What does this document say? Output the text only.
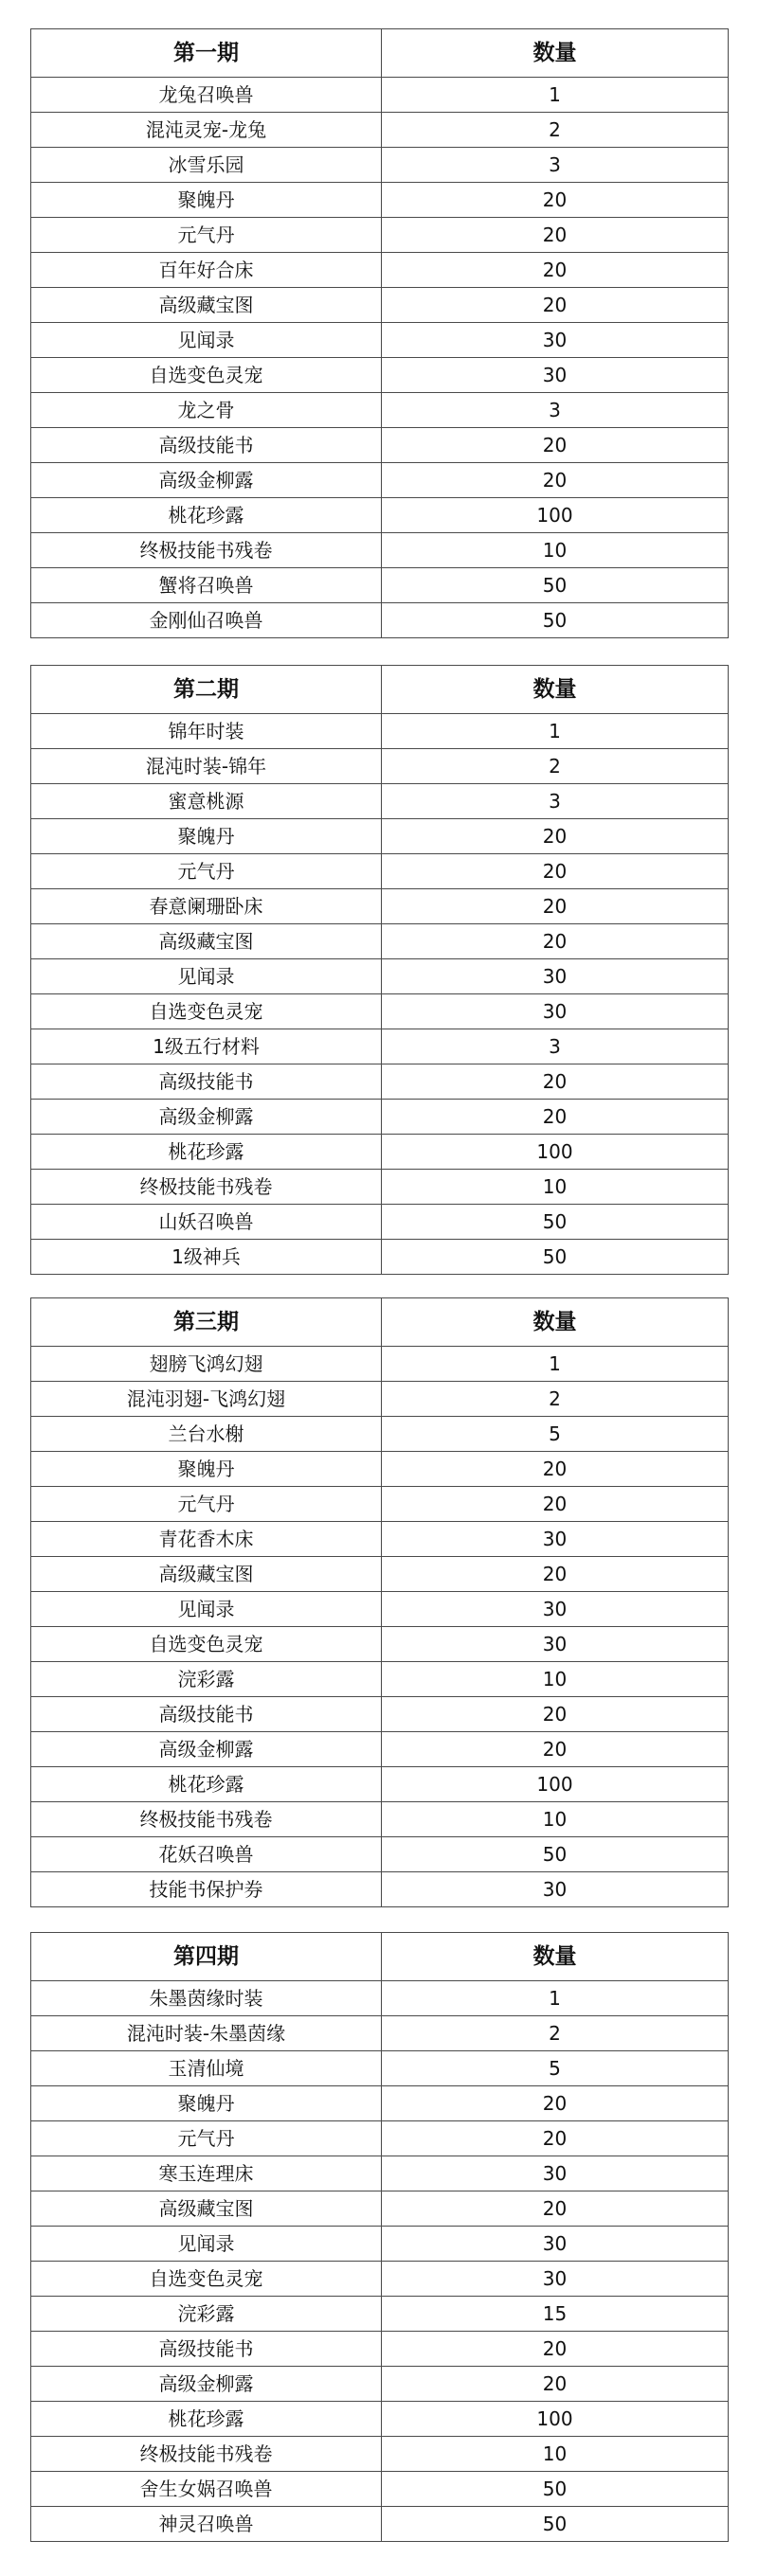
第一期	数量
龙兔召唤兽	1
混沌灵宠-龙兔	2
冰雪乐园	3
聚魄丹	20
元气丹	20
百年好合床	20
高级藏宝图	20
见闻录	30
自选变色灵宠	30
龙之骨	3
高级技能书	20
高级金柳露	20
桃花珍露	100
终极技能书残卷	10
蟹将召唤兽	50
金刚仙召唤兽	50
第二期	数量
锦年时装	1
混沌时装-锦年	2
蜜意桃源	3
聚魄丹	20
元气丹	20
春意阑珊卧床	20
高级藏宝图	20
见闻录	30
自选变色灵宠	30
1级五行材料	3
高级技能书	20
高级金柳露	20
桃花珍露	100
终极技能书残卷	10
山妖召唤兽	50
1级神兵	50
第三期	数量
翅膀飞鸿幻翅	1
混沌羽翅-飞鸿幻翅	2
兰台水榭	5
聚魄丹	20
元气丹	20
青花香木床	30
高级藏宝图	20
见闻录	30
自选变色灵宠	30
浣彩露	10
高级技能书	20
高级金柳露	20
桃花珍露	100
终极技能书残卷	10
花妖召唤兽	50
技能书保护券	30
第四期	数量
朱墨茵缘时装	1
混沌时装-朱墨茵缘	2
玉清仙境	5
聚魄丹	20
元气丹	20
寒玉连理床	30
高级藏宝图	20
见闻录	30
自选变色灵宠	30
浣彩露	15
高级技能书	20
高级金柳露	20
桃花珍露	100
终极技能书残卷	10
舍生女娲召唤兽	50
神灵召唤兽	50
